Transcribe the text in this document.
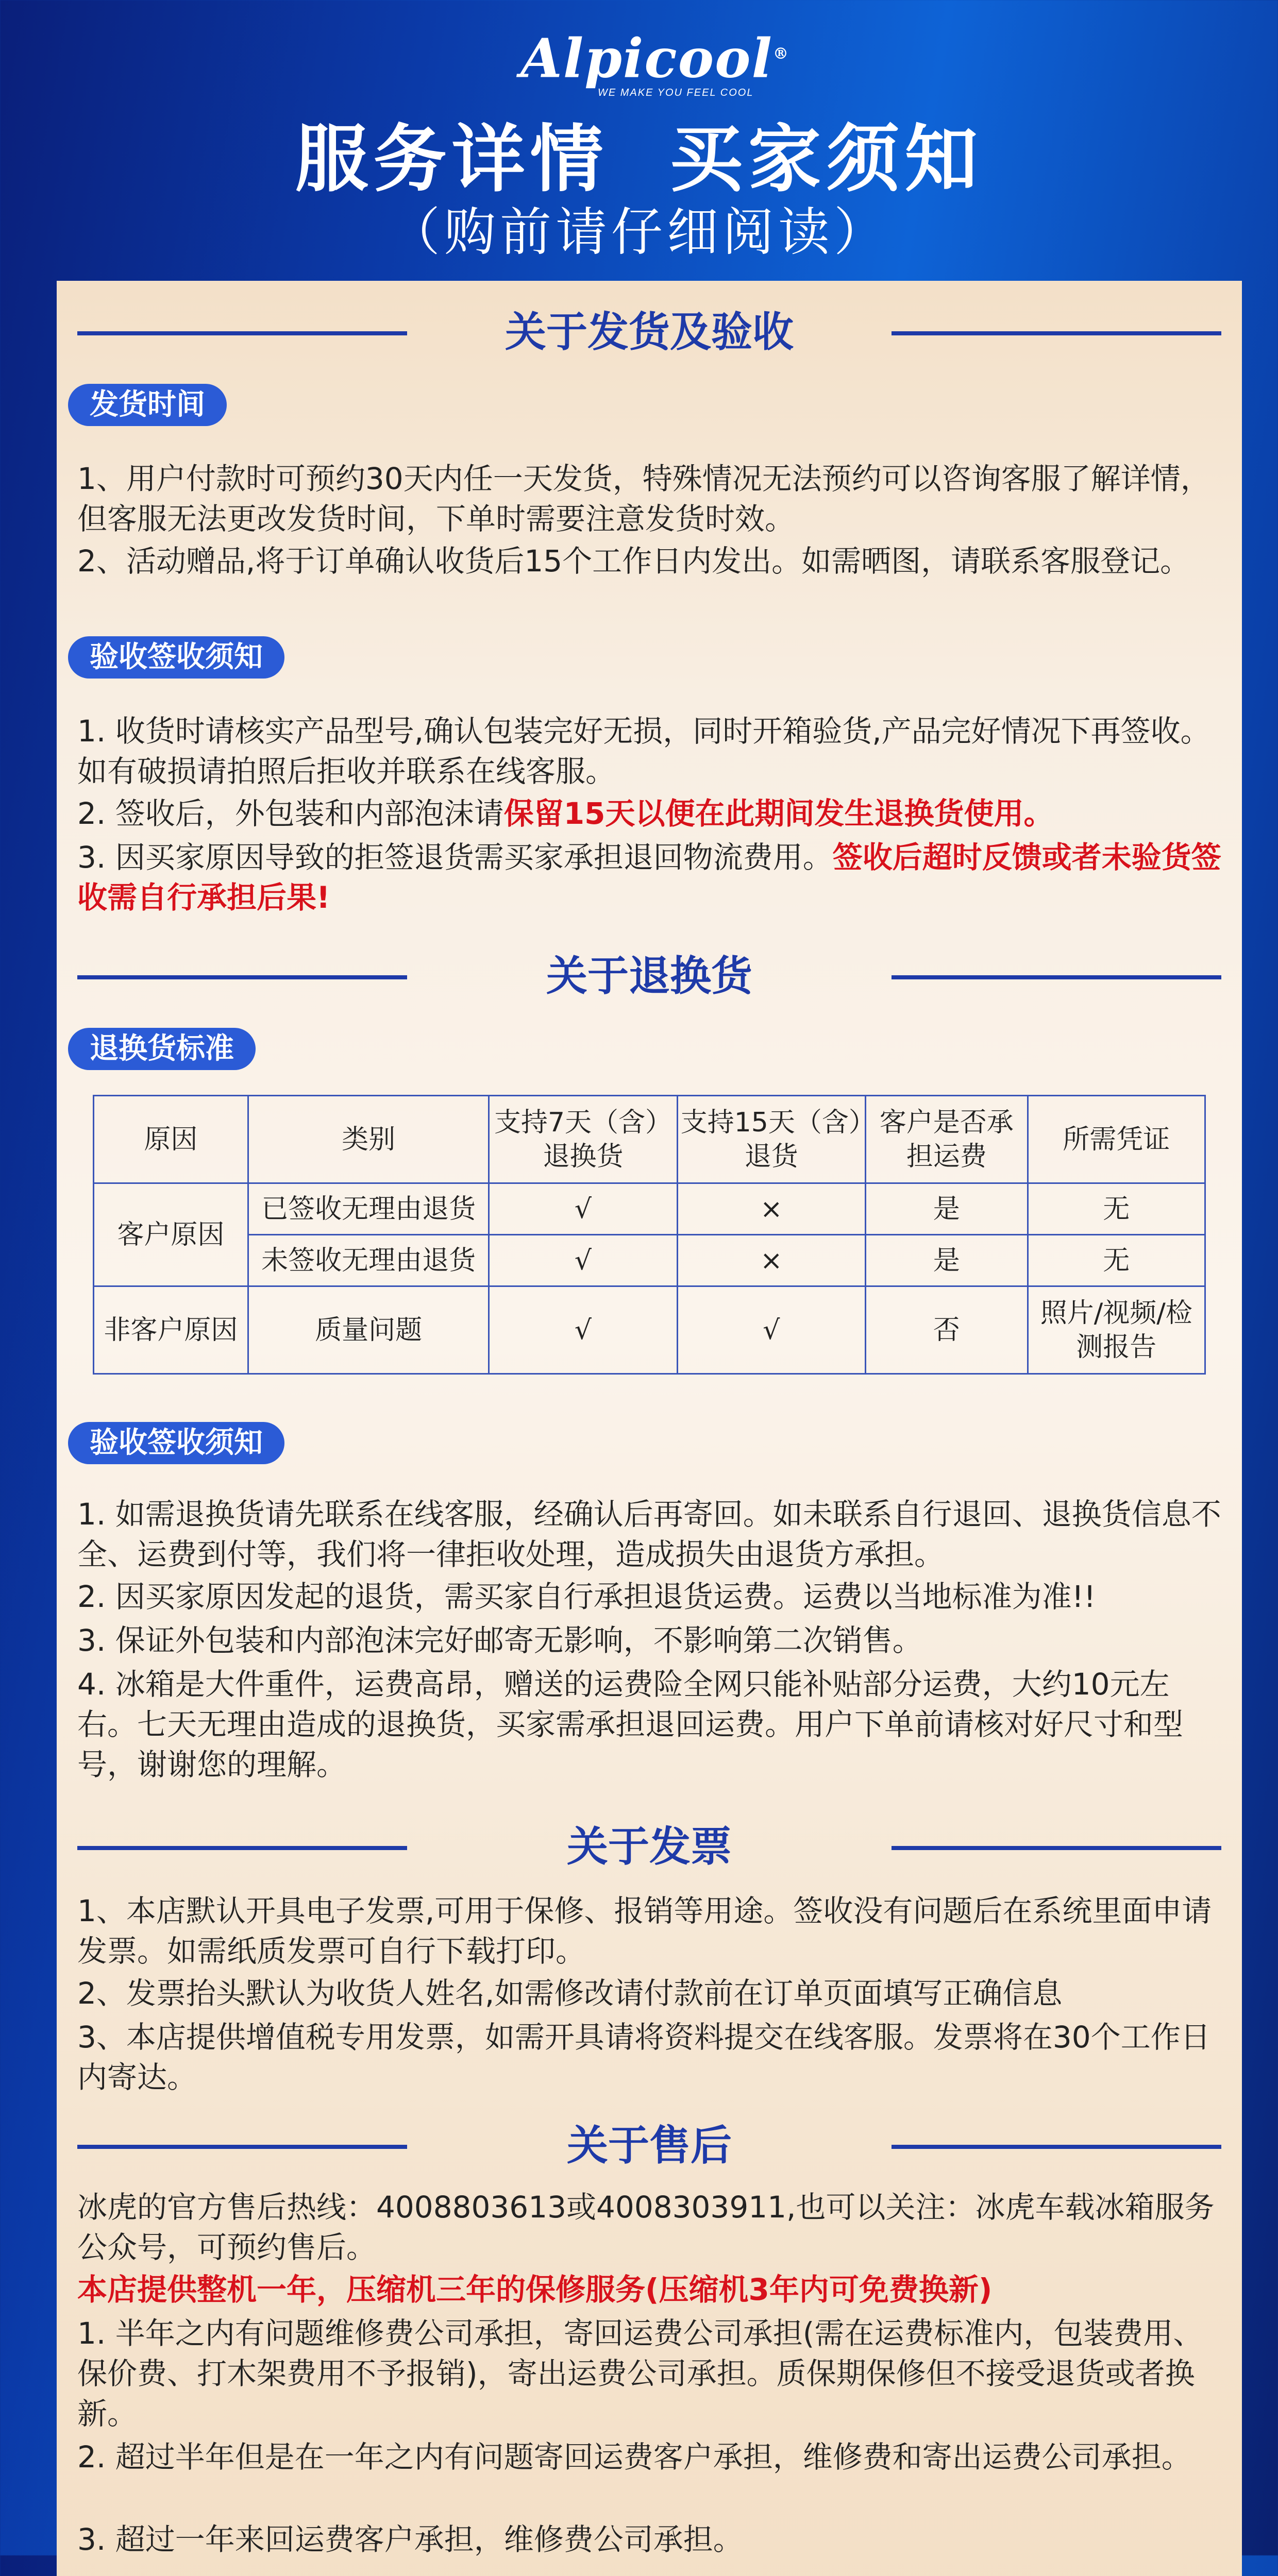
Alpicool®
WE MAKE YOU FEEL COOL
服务详情  买家须知
（购前请仔细阅读）
关于发货及验收
发货时间
1、用户付款时可预约30天内任一天发货，特殊情况无法预约可以咨询客服了解详情，但客服无法更改发货时间，下单时需要注意发货时效。
2、活动赠品,将于订单确认收货后15个工作日内发出。如需晒图，请联系客服登记。
验收签收须知
1. 收货时请核实产品型号,确认包装完好无损，同时开箱验货,产品完好情况下再签收。如有破损请拍照后拒收并联系在线客服。
2. 签收后，外包装和内部泡沫请保留15天以便在此期间发生退换货使用。
3. 因买家原因导致的拒签退货需买家承担退回物流费用。签收后超时反馈或者未验货签收需自行承担后果!
关于退换货
退换货标准
原因	类别	支持7天（含）退换货	支持15天（含）退货	客户是否承担运费	所需凭证
客户原因	已签收无理由退货	√	×	是	无
	未签收无理由退货	√	×	是	无
非客户原因	质量问题	√	√	否	照片/视频/检测报告
验收签收须知
1. 如需退换货请先联系在线客服，经确认后再寄回。如未联系自行退回、退换货信息不全、运费到付等，我们将一律拒收处理，造成损失由退货方承担。
2. 因买家原因发起的退货，需买家自行承担退货运费。运费以当地标准为准!!
3. 保证外包装和内部泡沫完好邮寄无影响，不影响第二次销售。
4. 冰箱是大件重件，运费高昂，赠送的运费险全网只能补贴部分运费，大约10元左右。七天无理由造成的退换货，买家需承担退回运费。用户下单前请核对好尺寸和型号，谢谢您的理解。
关于发票
1、本店默认开具电子发票,可用于保修、报销等用途。签收没有问题后在系统里面申请发票。如需纸质发票可自行下载打印。
2、发票抬头默认为收货人姓名,如需修改请付款前在订单页面填写正确信息
3、本店提供增值税专用发票，如需开具请将资料提交在线客服。发票将在30个工作日内寄达。
关于售后
冰虎的官方售后热线：4008803613或4008303911,也可以关注：冰虎车载冰箱服务 公众号，可预约售后。
本店提供整机一年，压缩机三年的保修服务(压缩机3年内可免费换新)
1. 半年之内有问题维修费公司承担，寄回运费公司承担(需在运费标准内，包装费用、保价费、打木架费用不予报销)，寄出运费公司承担。质保期保修但不接受退货或者换新。
2. 超过半年但是在一年之内有问题寄回运费客户承担，维修费和寄出运费公司承担。
3. 超过一年来回运费客户承担，维修费公司承担。
